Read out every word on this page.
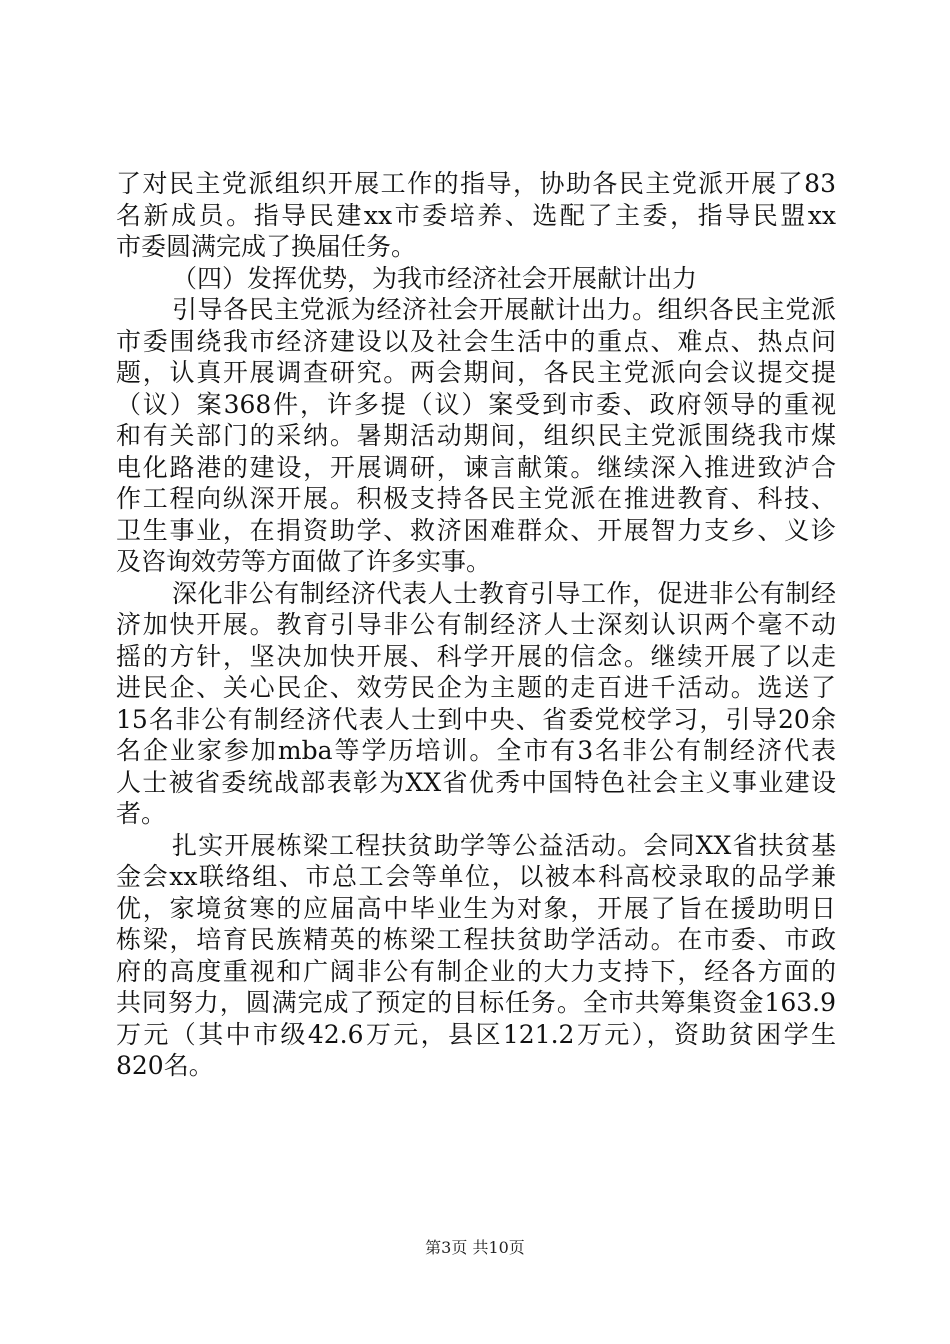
了对民主党派组织开展工作的指导，协助各民主党派开展了83
名新成员。指导民建xx市委培养、选配了主委，指导民盟xx
市委圆满完成了换届任务。
（四）发挥优势，为我市经济社会开展献计出力
引导各民主党派为经济社会开展献计出力。组织各民主党派
市委围绕我市经济建设以及社会生活中的重点、难点、热点问
题，认真开展调查研究。两会期间，各民主党派向会议提交提
（议）案368件，许多提（议）案受到市委、政府领导的重视
和有关部门的采纳。暑期活动期间，组织民主党派围绕我市煤
电化路港的建设，开展调研，谏言献策。继续深入推进致泸合
作工程向纵深开展。积极支持各民主党派在推进教育、科技、
卫生事业，在捐资助学、救济困难群众、开展智力支乡、义诊
及咨询效劳等方面做了许多实事。
深化非公有制经济代表人士教育引导工作，促进非公有制经
济加快开展。教育引导非公有制经济人士深刻认识两个毫不动
摇的方针，坚决加快开展、科学开展的信念。继续开展了以走
进民企、关心民企、效劳民企为主题的走百进千活动。选送了
15名非公有制经济代表人士到中央、省委党校学习，引导20余
名企业家参加mba等学历培训。全市有3名非公有制经济代表
人士被省委统战部表彰为XX省优秀中国特色社会主义事业建设
者。
扎实开展栋梁工程扶贫助学等公益活动。会同XX省扶贫基
金会xx联络组、市总工会等单位，以被本科高校录取的品学兼
优，家境贫寒的应届高中毕业生为对象，开展了旨在援助明日
栋梁，培育民族精英的栋梁工程扶贫助学活动。在市委、市政
府的高度重视和广阔非公有制企业的大力支持下，经各方面的
共同努力，圆满完成了预定的目标任务。全市共筹集资金163.9
万元（其中市级42.6万元，县区121.2万元），资助贫困学生
820名。
第3页 共10页
